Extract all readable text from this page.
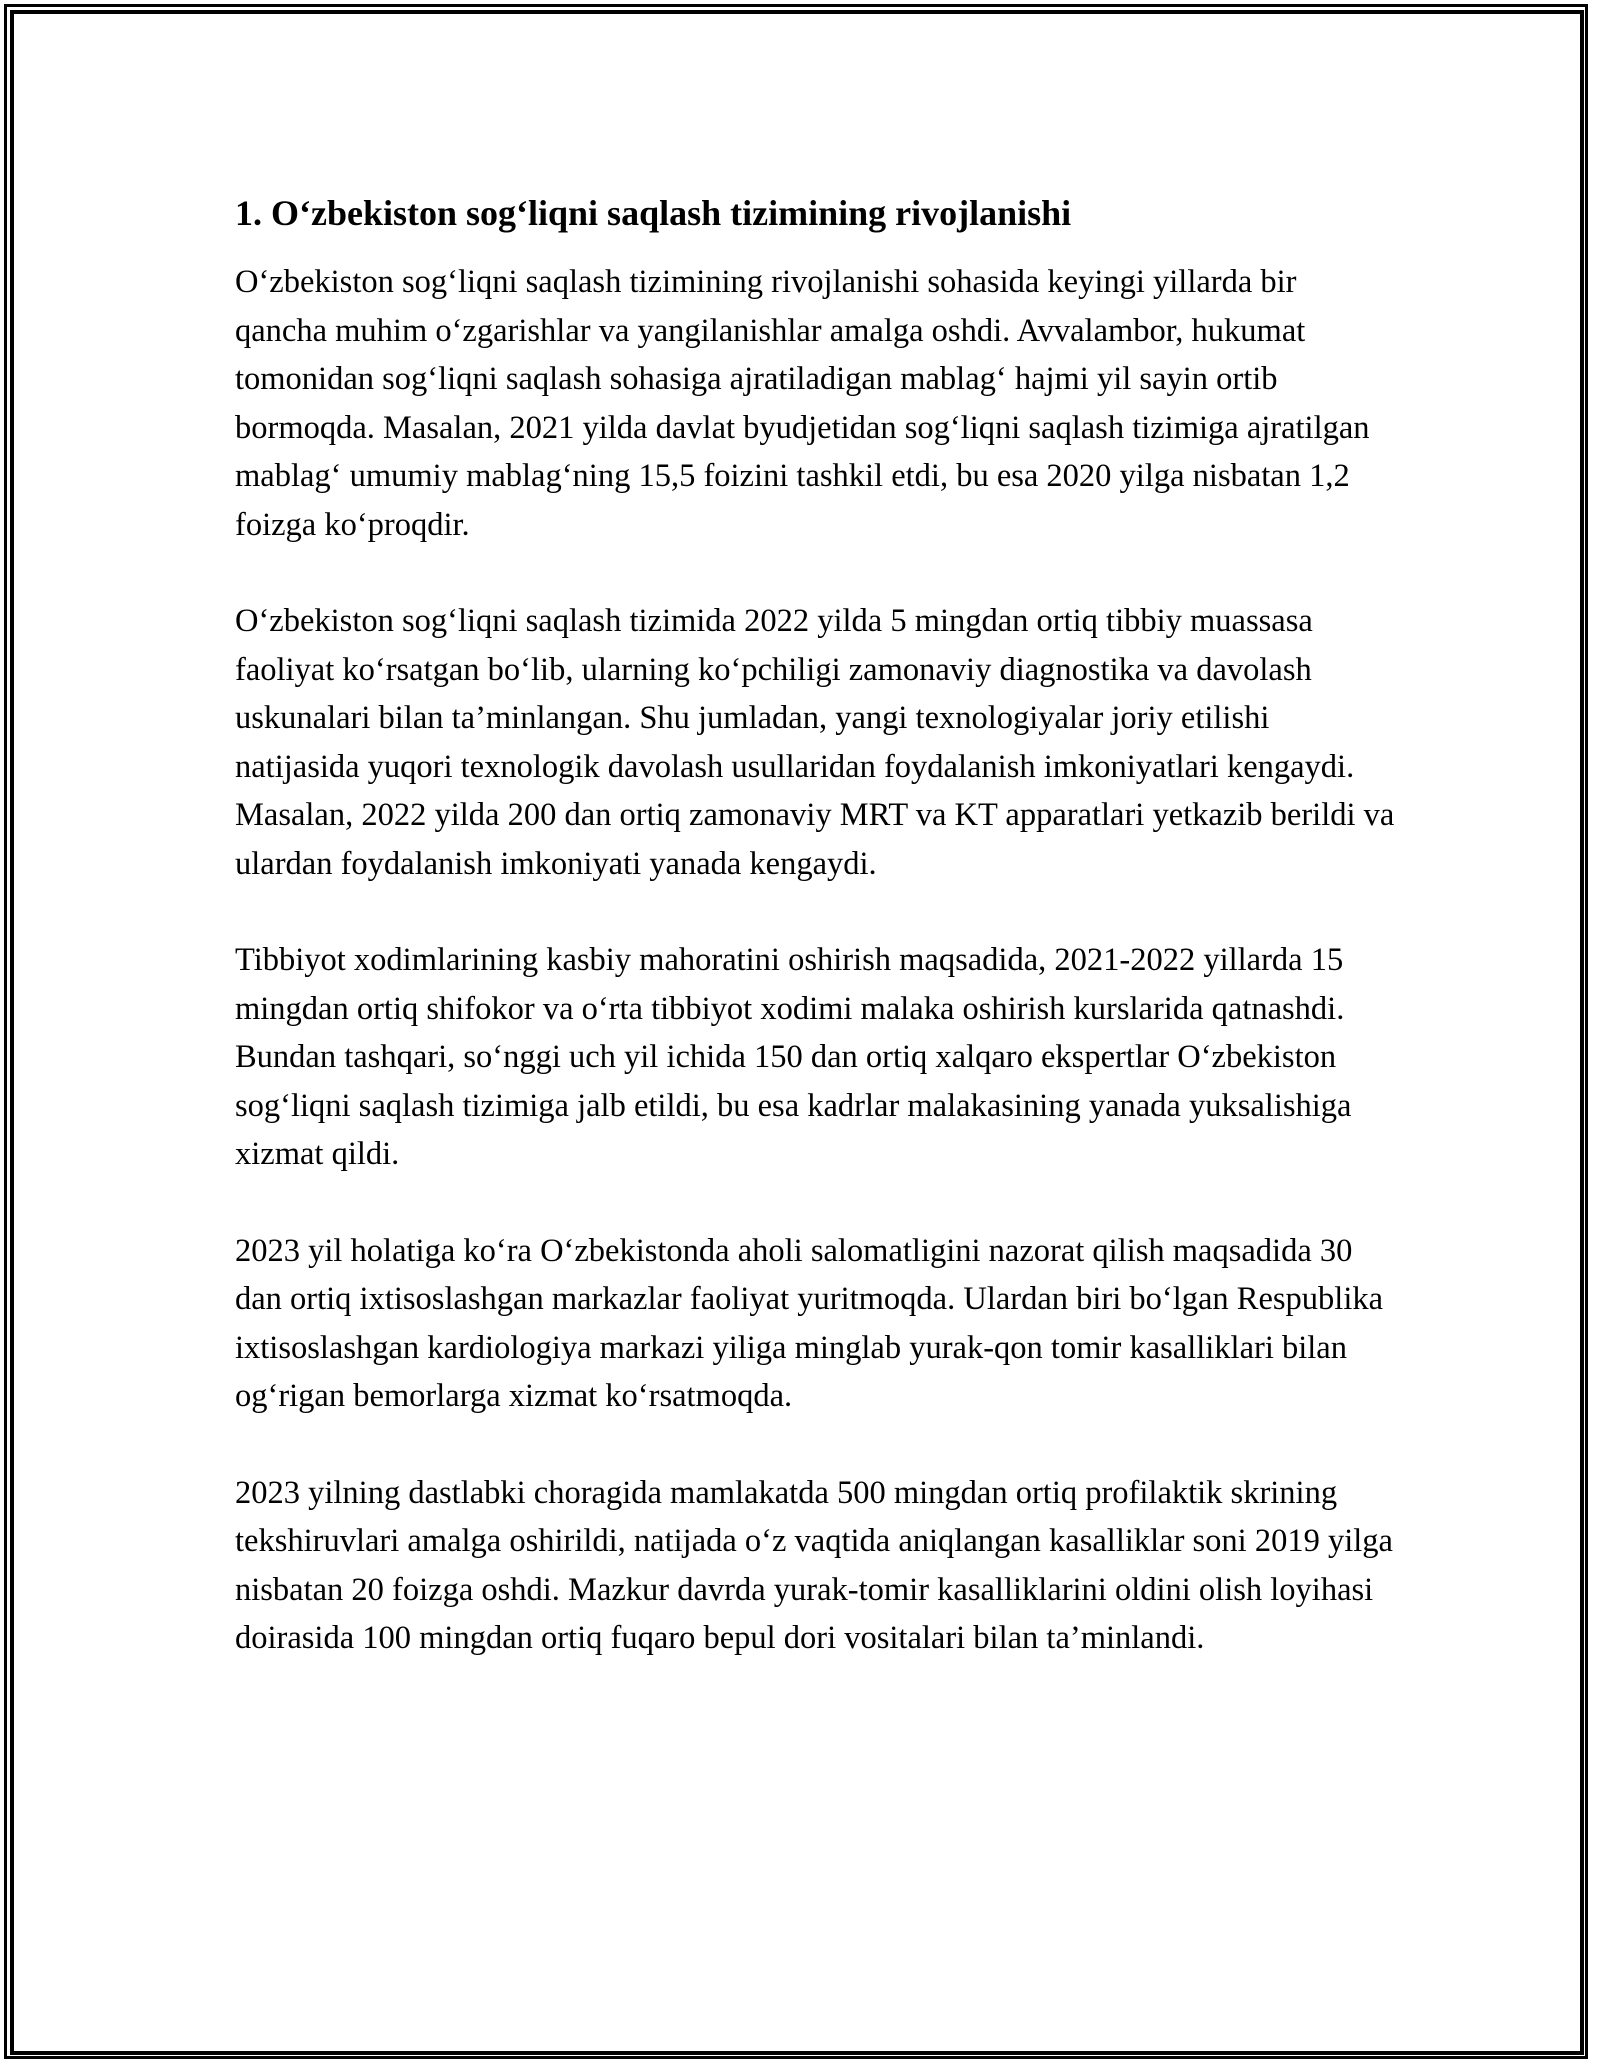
1. O‘zbekiston sog‘liqni saqlash tizimining rivojlanishi

O‘zbekiston sog‘liqni saqlash tizimining rivojlanishi sohasida keyingi yillarda bir qancha muhim o‘zgarishlar va yangilanishlar amalga oshdi. Avvalambor, hukumat tomonidan sog‘liqni saqlash sohasiga ajratiladigan mablag‘ hajmi yil sayin ortib bormoqda. Masalan, 2021 yilda davlat byudjetidan sog‘liqni saqlash tizimiga ajratilgan mablag‘ umumiy mablag‘ning 15,5 foizini tashkil etdi, bu esa 2020 yilga nisbatan 1,2 foizga ko‘proqdir.

O‘zbekiston sog‘liqni saqlash tizimida 2022 yilda 5 mingdan ortiq tibbiy muassasa faoliyat ko‘rsatgan bo‘lib, ularning ko‘pchiligi zamonaviy diagnostika va davolash uskunalari bilan ta’minlangan. Shu jumladan, yangi texnologiyalar joriy etilishi natijasida yuqori texnologik davolash usullaridan foydalanish imkoniyatlari kengaydi. Masalan, 2022 yilda 200 dan ortiq zamonaviy MRT va KT apparatlari yetkazib berildi va ulardan foydalanish imkoniyati yanada kengaydi.

Tibbiyot xodimlarining kasbiy mahoratini oshirish maqsadida, 2021-2022 yillarda 15 mingdan ortiq shifokor va o‘rta tibbiyot xodimi malaka oshirish kurslarida qatnashdi. Bundan tashqari, so‘nggi uch yil ichida 150 dan ortiq xalqaro ekspertlar O‘zbekiston sog‘liqni saqlash tizimiga jalb etildi, bu esa kadrlar malakasining yanada yuksalishiga xizmat qildi.

2023 yil holatiga ko‘ra O‘zbekistonda aholi salomatligini nazorat qilish maqsadida 30 dan ortiq ixtisoslashgan markazlar faoliyat yuritmoqda. Ulardan biri bo‘lgan Respublika ixtisoslashgan kardiologiya markazi yiliga minglab yurak-qon tomir kasalliklari bilan og‘rigan bemorlarga xizmat ko‘rsatmoqda.

2023 yilning dastlabki choragida mamlakatda 500 mingdan ortiq profilaktik skrining tekshiruvlari amalga oshirildi, natijada o‘z vaqtida aniqlangan kasalliklar soni 2019 yilga nisbatan 20 foizga oshdi. Mazkur davrda yurak-tomir kasalliklarini oldini olish loyihasi doirasida 100 mingdan ortiq fuqaro bepul dori vositalari bilan ta’minlandi.
